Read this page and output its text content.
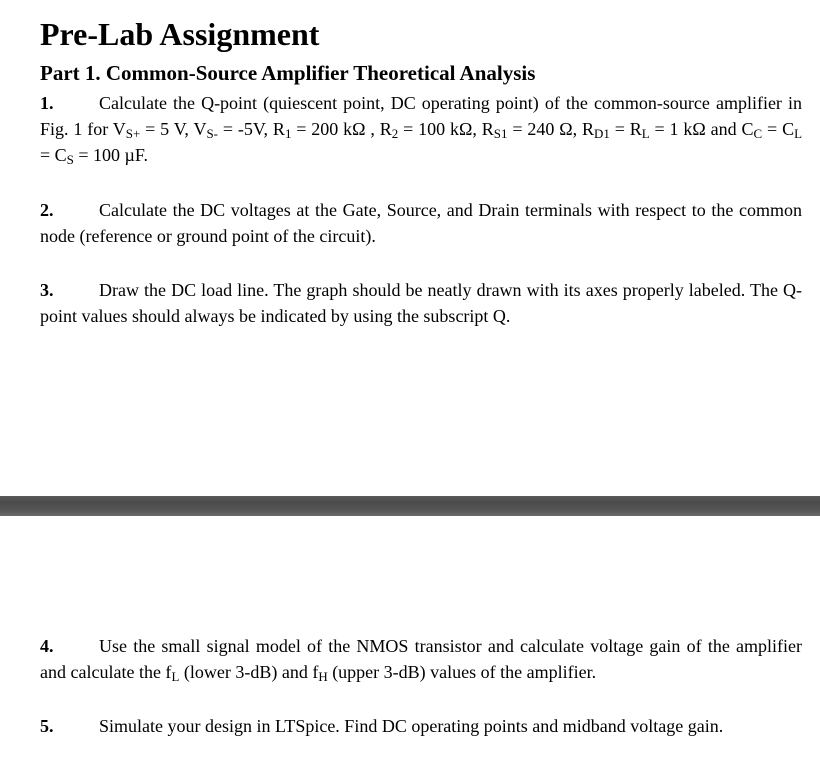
Pre-Lab Assignment
Part 1. Common-Source Amplifier Theoretical Analysis
1.	Calculate the Q-point (quiescent point, DC operating point) of the common-source amplifier in Fig. 1 for $V_{S+} = 5$ V, $V_{S-} = -5V$, $R_1 = 200$ kΩ , $R_2 = 100$ kΩ, $R_{S1} = 240$ Ω, $R_{D1} = R_L = 1$ kΩ and $C_C = C_L = C_S = 100$ µF.
2.	Calculate the DC voltages at the Gate, Source, and Drain terminals with respect to the common node (reference or ground point of the circuit).
3.	Draw the DC load line. The graph should be neatly drawn with its axes properly labeled. The Q-point values should always be indicated by using the subscript Q.
4.	Use the small signal model of the NMOS transistor and calculate voltage gain of the amplifier and calculate the $f_L$ (lower 3-dB) and $f_H$ (upper 3-dB) values of the amplifier.
5.	Simulate your design in LTSpice. Find DC operating points and midband voltage gain.
